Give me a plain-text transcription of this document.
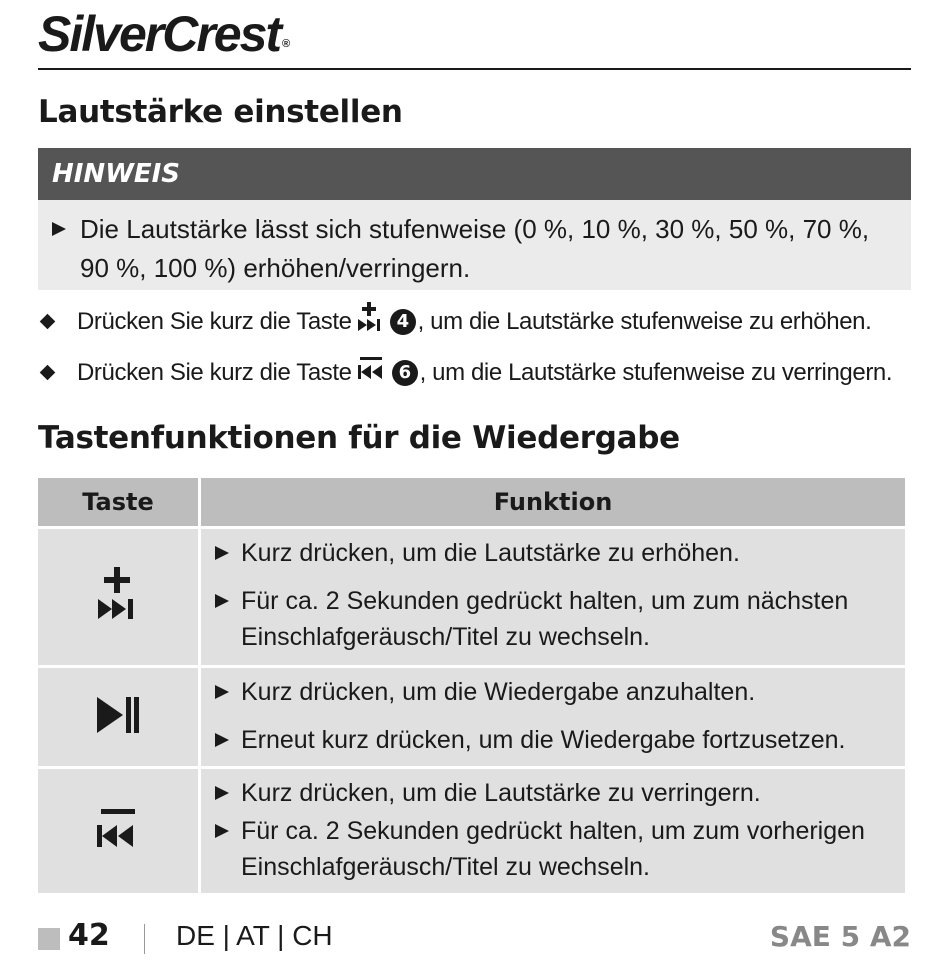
SilverCrest ®
Lautstärke einstellen
HINWEIS
Die Lautstärke lässt sich stufenweise (0 %, 10 %, 30 %, 50 %, 70 %, 90 %, 100 %) erhöhen/verringern.
Drücken Sie kurz die Taste	4 , um die Lautstärke stufenweise zu erhöhen.
Drücken Sie kurz die Taste	6 , um die Lautstärke stufenweise zu verringern.
Tastenfunktionen für die Wiedergabe
Taste	Funktion

Kurz drücken, um die Lautstärke zu erhöhen.
Für ca. 2 Sekunden gedrückt halten, um zum nächsten Einschlafgeräusch/Titel zu wechseln.

Kurz drücken, um die Wiedergabe anzuhalten.
Erneut kurz drücken, um die Wiedergabe fortzusetzen.

Kurz drücken, um die Lautstärke zu verringern.
Für ca. 2 Sekunden gedrückt halten, um zum vorherigen Einschlafgeräusch/Titel zu wechseln.
42 DE | AT | CH	SAE 5 A2
